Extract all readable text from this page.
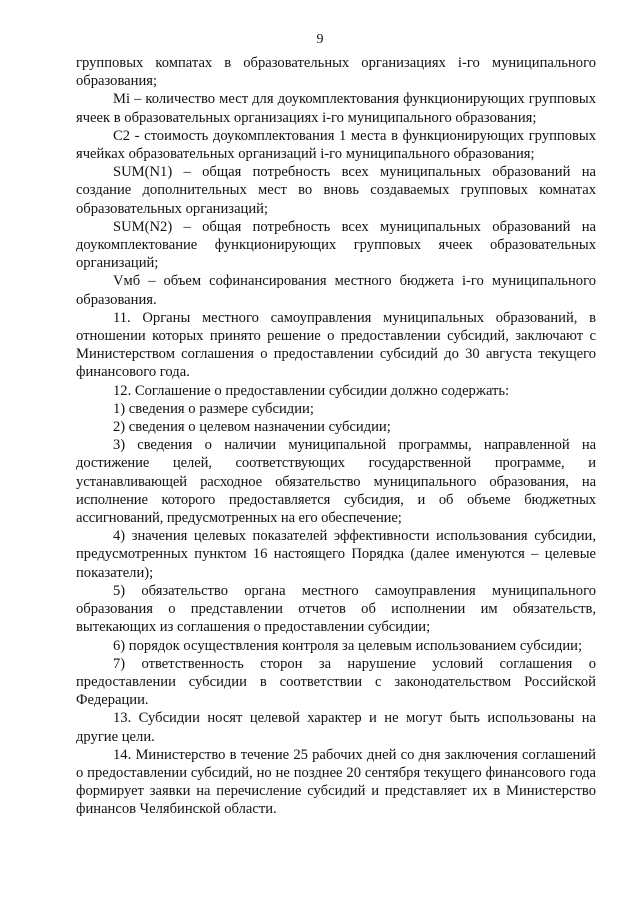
9

групповых компатах в образовательных организациях i-го муниципального образования;

Mi – количество мест для доукомплектования функционирующих групповых ячеек в образовательных организациях i-го муниципального образования;

C2 - стоимость доукомплектования 1 места в функционирующих групповых ячейках образовательных организаций i-го муниципального образования;

SUM(N1) – общая потребность всех муниципальных образований на создание дополнительных мест во вновь создаваемых групповых комнатах образовательных организаций;

SUM(N2) – общая потребность всех муниципальных образований на доукомплектование функционирующих групповых ячеек образовательных организаций;

Vмб – объем софинансирования местного бюджета i-го муниципального образования.

11. Органы местного самоуправления муниципальных образований, в отношении которых принято решение о предоставлении субсидий, заключают с Министерством соглашения о предоставлении субсидий до 30 августа текущего финансового года.

12. Соглашение о предоставлении субсидии должно содержать:

1) сведения о размере субсидии;

2) сведения о целевом назначении субсидии;

3) сведения о наличии муниципальной программы, направленной на достижение целей, соответствующих государственной программе, и устанавливающей расходное обязательство муниципального образования, на исполнение которого предоставляется субсидия, и об объеме бюджетных ассигнований, предусмотренных на его обеспечение;

4) значения целевых показателей эффективности использования субсидии, предусмотренных пунктом 16 настоящего Порядка (далее именуются – целевые показатели);

5) обязательство органа местного самоуправления муниципального образования о представлении отчетов об исполнении им обязательств, вытекающих из соглашения о предоставлении субсидии;

6) порядок осуществления контроля за целевым использованием субсидии;

7) ответственность сторон за нарушение условий соглашения о предоставлении субсидии в соответствии с законодательством Российской Федерации.

13. Субсидии носят целевой характер и не могут быть использованы на другие цели.

14. Министерство в течение 25 рабочих дней со дня заключения соглашений о предоставлении субсидий, но не позднее 20 сентября текущего финансового года формирует заявки на перечисление субсидий и представляет их в Министерство финансов Челябинской области.
